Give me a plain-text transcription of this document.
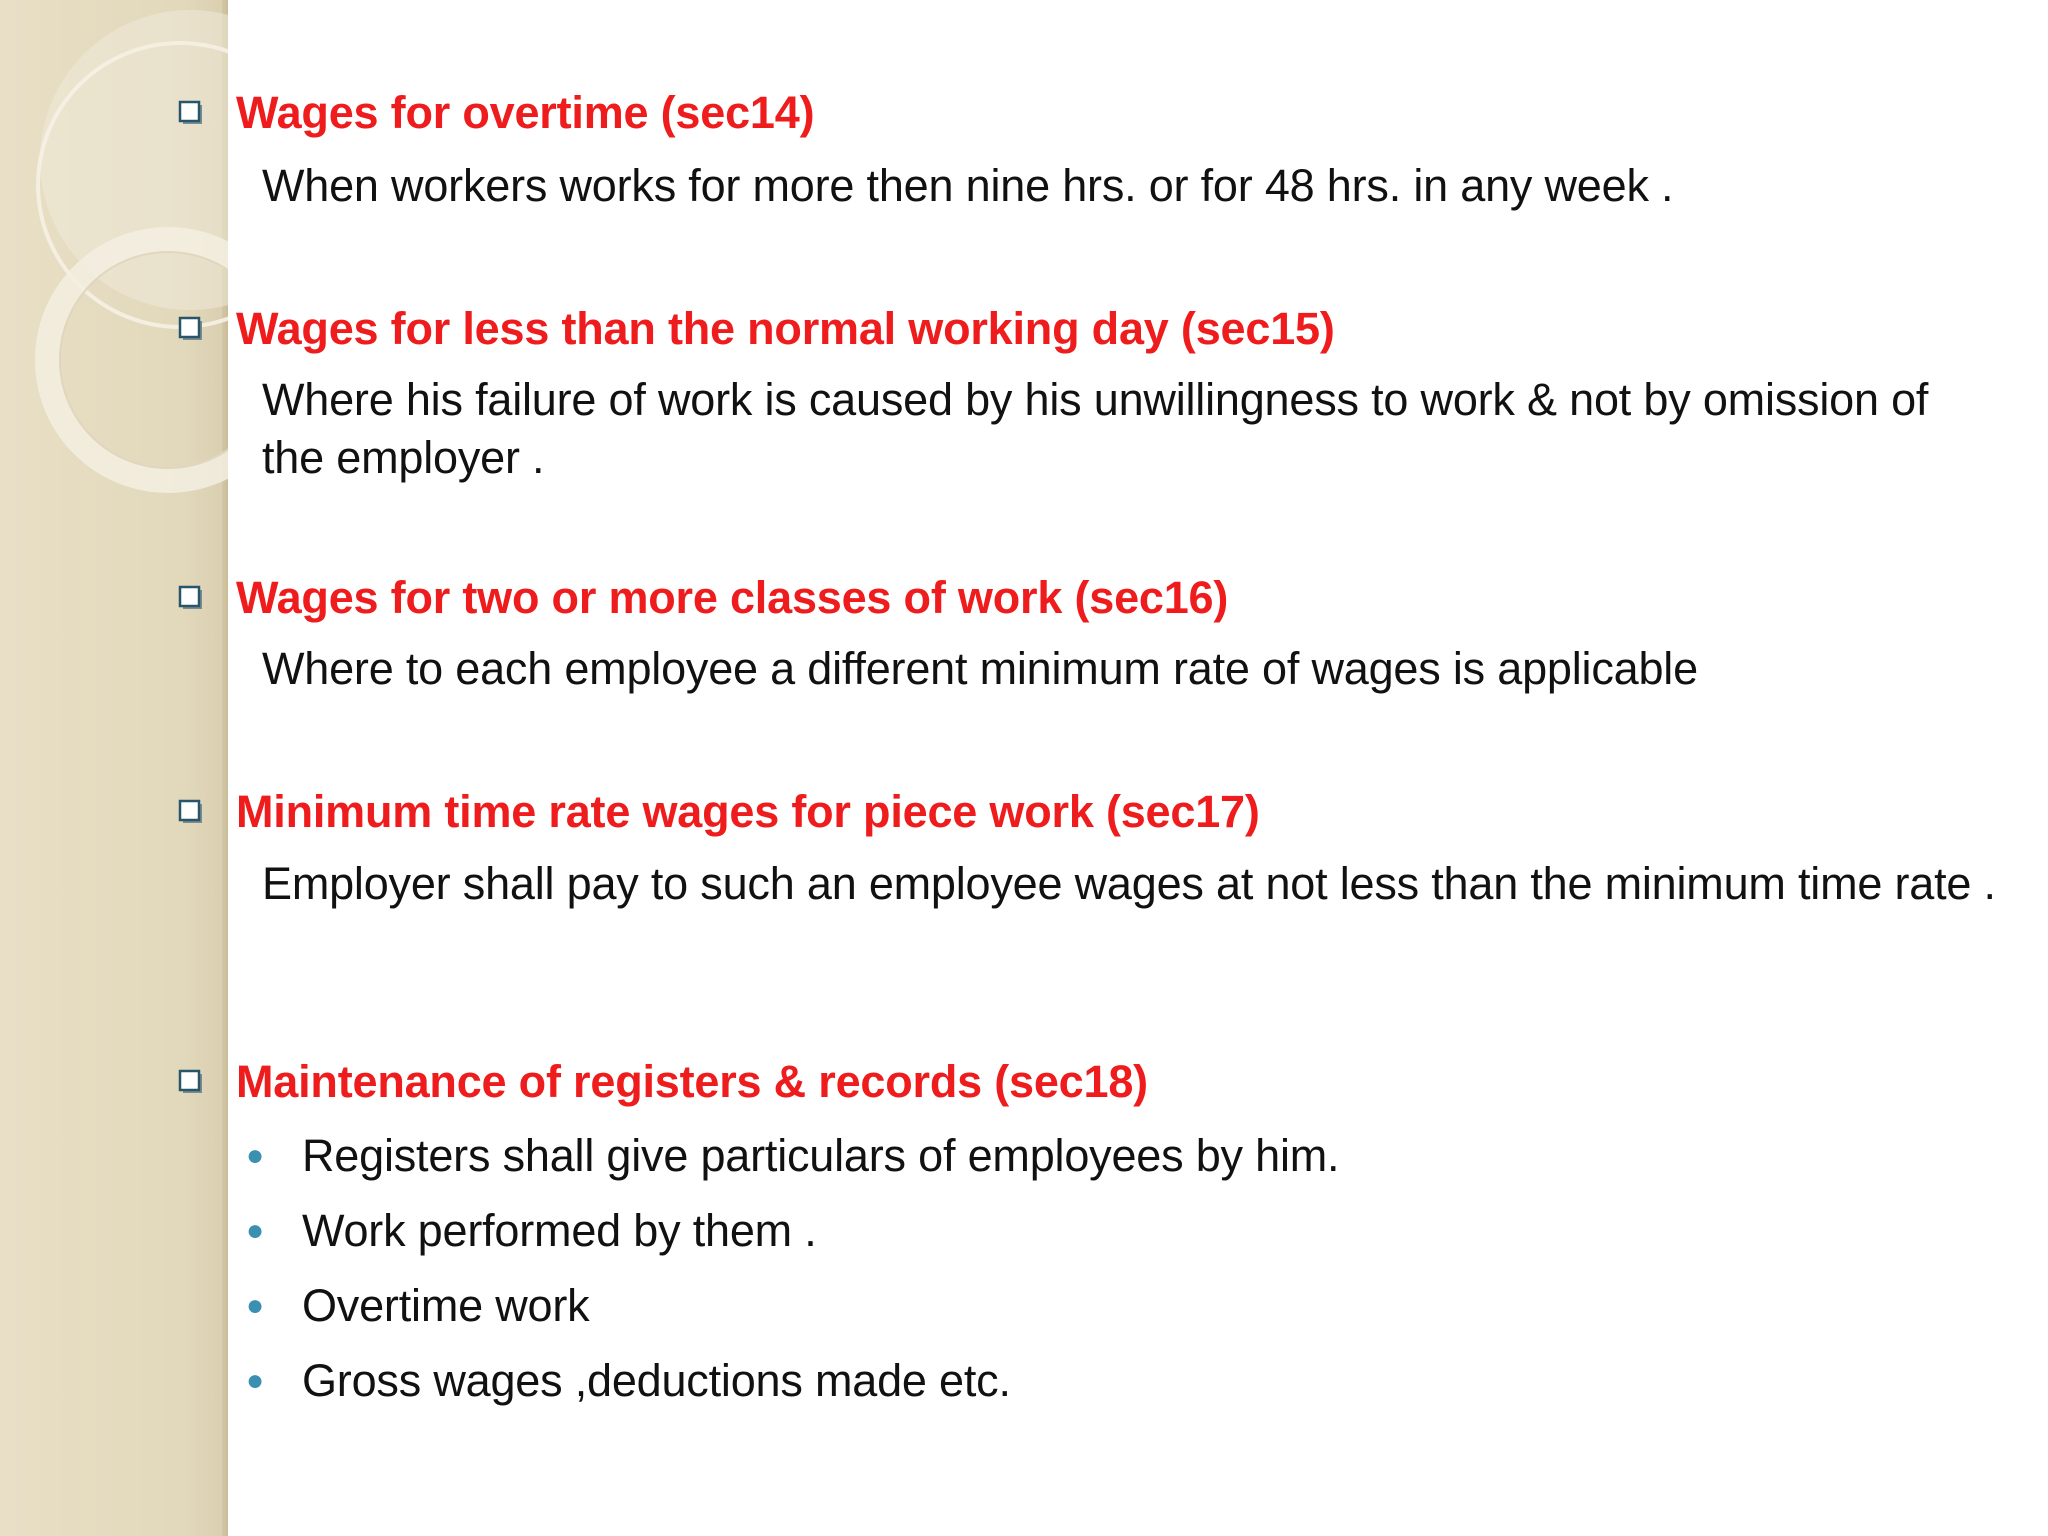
Wages for overtime (sec14)
When workers works for more then nine hrs. or for 48 hrs. in any week .
Wages for less than the normal working day (sec15)
Where his failure of work is caused by his unwillingness to work & not by omission of the employer .
Wages for two or more classes of work (sec16)
Where to each employee a different minimum rate of wages is applicable
Minimum time rate wages for piece work (sec17)
Employer shall pay to such an employee wages at not less than the minimum time rate .
Maintenance of registers & records (sec18)
● Registers shall give particulars of employees by him.
● Work performed by them .
● Overtime work
● Gross wages ,deductions made etc.
